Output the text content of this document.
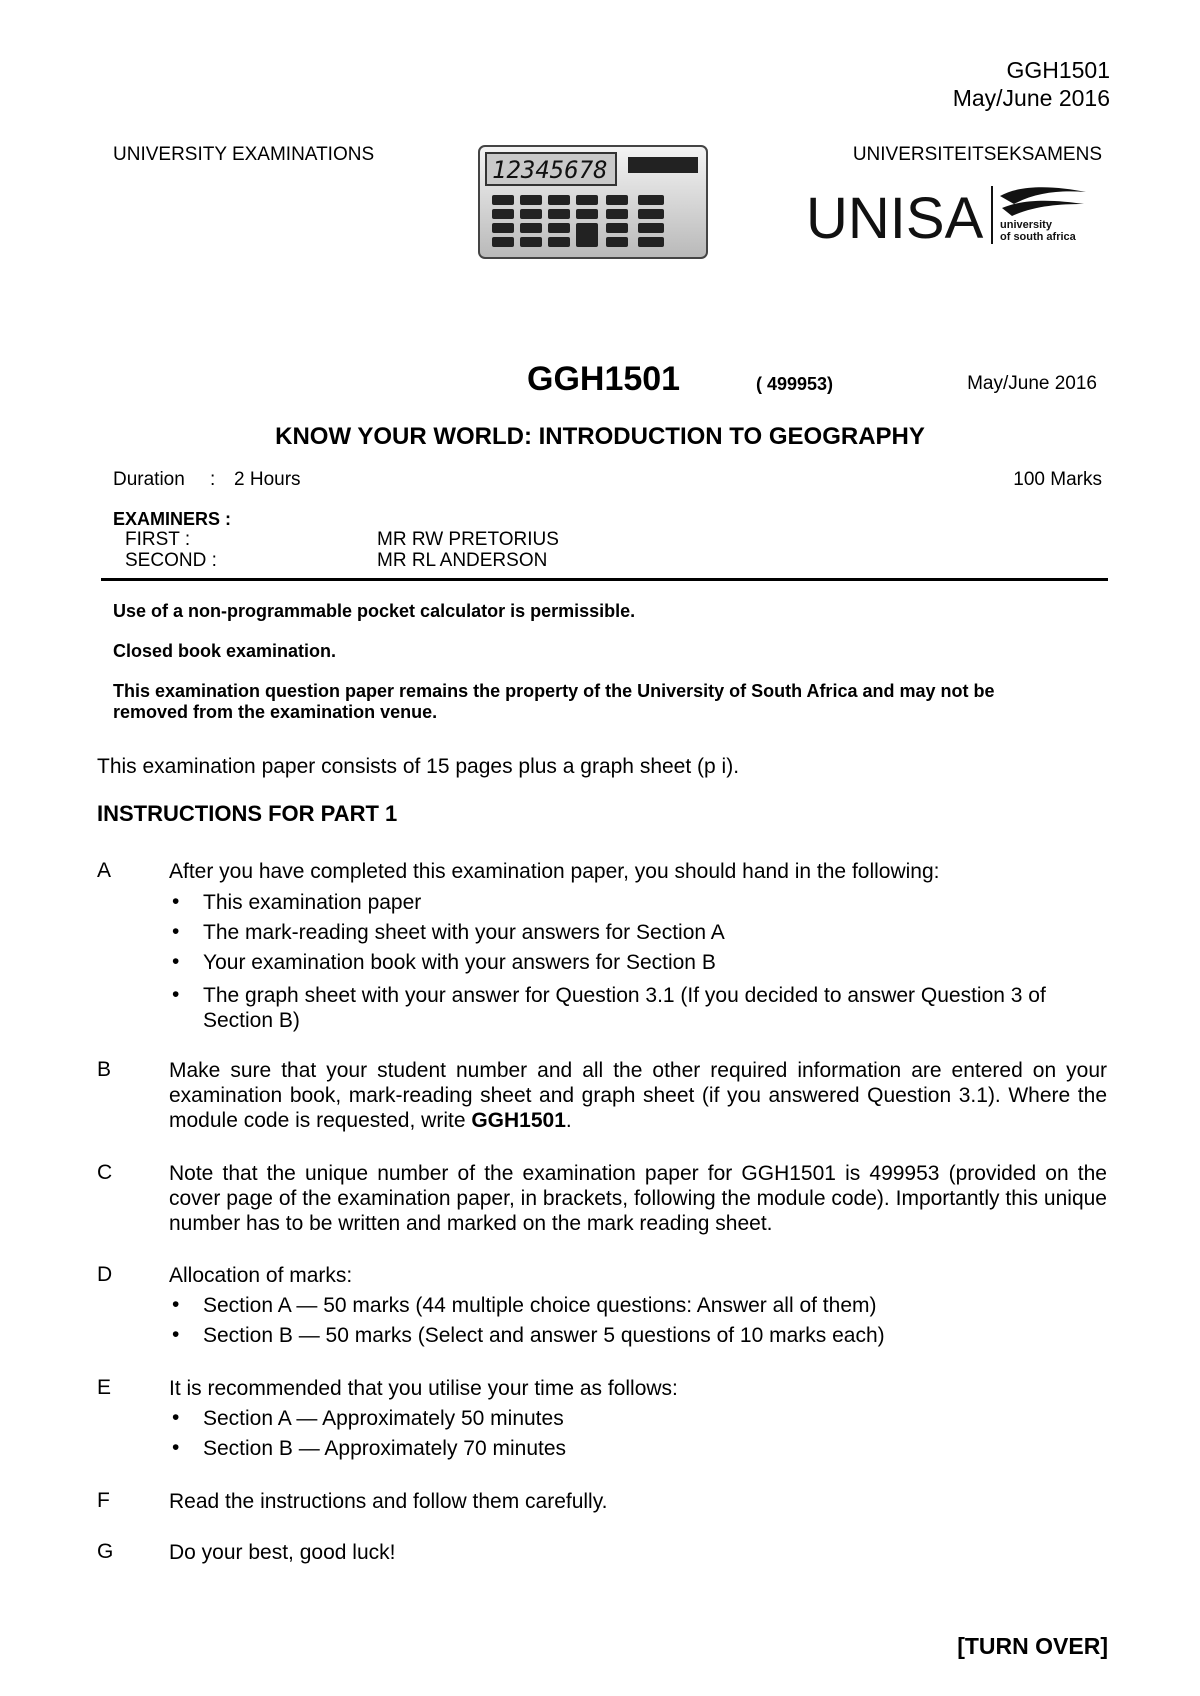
GGH1501
May/June 2016
UNIVERSITY EXAMINATIONS	UNIVERSITEITSEKSAMENS
12345678
UNISA university
of south africa
GGH1501	( 499953)	May/June 2016
KNOW YOUR WORLD: INTRODUCTION TO GEOGRAPHY
Duration : 2 Hours	100 Marks
EXAMINERS :
FIRST :	MR RW PRETORIUS
SECOND :	MR RL ANDERSON
Use of a non-programmable pocket calculator is permissible.
Closed book examination.
This examination question paper remains the property of the University of South Africa and may not be removed from the examination venue.
This examination paper consists of 15 pages plus a graph sheet (p i).
INSTRUCTIONS FOR PART 1
A	After you have completed this examination paper, you should hand in the following:
• This examination paper
• The mark-reading sheet with your answers for Section A
• Your examination book with your answers for Section B
• The graph sheet with your answer for Question 3.1 (If you decided to answer Question 3 of Section B)
B	Make sure that your student number and all the other required information are entered on your examination book, mark-reading sheet and graph sheet (if you answered Question 3.1). Where the module code is requested, write GGH1501.
C	Note that the unique number of the examination paper for GGH1501 is 499953 (provided on the cover page of the examination paper, in brackets, following the module code). Importantly this unique number has to be written and marked on the mark reading sheet.
D	Allocation of marks:
• Section A — 50 marks (44 multiple choice questions: Answer all of them)
• Section B — 50 marks (Select and answer 5 questions of 10 marks each)
E	It is recommended that you utilise your time as follows:
• Section A — Approximately 50 minutes
• Section B — Approximately 70 minutes
F	Read the instructions and follow them carefully.
G	Do your best, good luck!
[TURN OVER]
